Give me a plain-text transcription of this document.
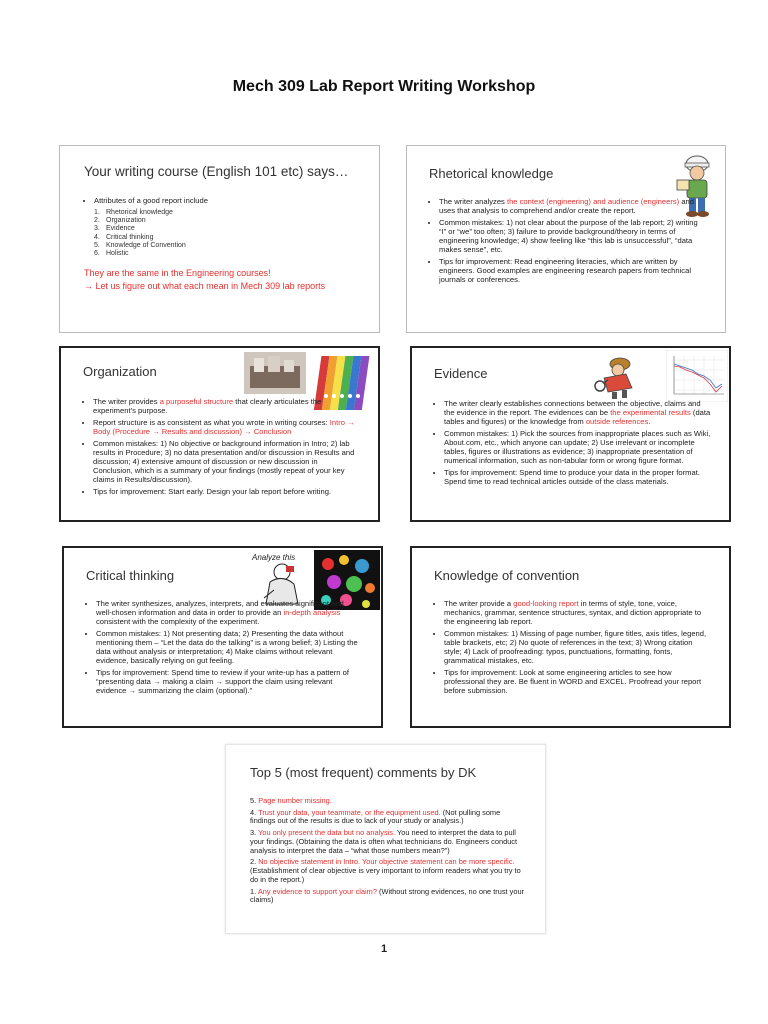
Mech 309 Lab Report Writing Workshop
Your writing course (English 101 etc) says…
• Attributes of a good report include
1. Rhetorical knowledge
2. Organization
3. Evidence
4. Critical thinking
5. Knowledge of Convention
6. Holistic
They are the same in the Engineering courses!
→ Let us figure out what each mean in Mech 309 lab reports
Rhetorical knowledge
• The writer analyzes the context (engineering) and audience (engineers) and uses that analysis to comprehend and/or create the report.
• Common mistakes: 1) not clear about the purpose of the lab report; 2) writing “I” or “we” too often; 3) failure to provide background/theory in terms of engineering knowledge; 4) show feeling like “this lab is unsuccessful”, “data makes sense”, etc.
• Tips for improvement: Read engineering literacies, which are written by engineers. Good examples are engineering research papers from technical journals or conferences.
Organization
• The writer provides a purposeful structure that clearly articulates the experiment’s purpose.
• Report structure is as consistent as what you wrote in writing courses: Intro → Body (Procedure → Results and discussion) → Conclusion
• Common mistakes: 1) No objective or background information in Intro; 2) lab results in Procedure; 3) no data presentation and/or discussion in Results and discussion; 4) extensive amount of discussion or new discussion in Conclusion, which is a summary of your findings (mostly repeat of your key claims in Results/discussion).
• Tips for improvement: Start early. Design your lab report before writing.
Evidence
• The writer clearly establishes connections between the objective, claims and the evidence in the report. The evidences can be the experimental results (data tables and figures) or the knowledge from outside references.
• Common mistakes: 1) Pick the sources from inappropriate places such as Wiki, About.com, etc., which anyone can update; 2) Use irrelevant or incomplete tables, figures or illustrations as evidence; 3) inappropriate presentation of numerical information, such as non-tabular form or wrong figure format.
• Tips for improvement: Spend time to produce your data in the proper format. Spend time to read technical articles outside of the class materials.
Critical thinking
Analyze this
• The writer synthesizes, analyzes, interprets, and evaluates significant and well-chosen information and data in order to provide an in-depth analysis consistent with the complexity of the experiment.
• Common mistakes: 1) Not presenting data; 2) Presenting the data without mentioning them – “Let the data do the talking” is a wrong belief; 3) Listing the data without analysis or interpretation; 4) Make claims without relevant evidence, basically relying on gut feeling.
• Tips for improvement: Spend time to review if your write-up has a pattern of “presenting data → making a claim → support the claim using relevant evidence → summarizing the claim (optional).”
Knowledge of convention
• The writer provide a good-looking report in terms of style, tone, voice, mechanics, grammar, sentence structures, syntax, and diction appropriate to the engineering lab report.
• Common mistakes: 1) Missing of page number, figure titles, axis titles, legend, table brackets, etc; 2) No quote of references in the text; 3) Wrong citation style; 4) Lack of proofreading: typos, punctuations, formatting, fonts, grammatical mistakes, etc.
• Tips for improvement: Look at some engineering articles to see how professional they are. Be fluent in WORD and EXCEL. Proofread your report before submission.
Top 5 (most frequent) comments by DK

5. Page number missing.

4. Trust your data, your teammate, or the equipment used. (Not pulling some findings out of the results is due to lack of your study or analysis.)

3. You only present the data but no analysis. You need to interpret the data to pull your findings. (Obtaining the data is often what technicians do. Engineers conduct analysis to interpret the data – “what those numbers mean?”)

2. No objective statement in Intro. Your objective statement can be more specific. (Establishment of clear objective is very important to inform readers what you try to do in the report.)

1. Any evidence to support your claim? (Without strong evidences, no one trust your claims)

1
